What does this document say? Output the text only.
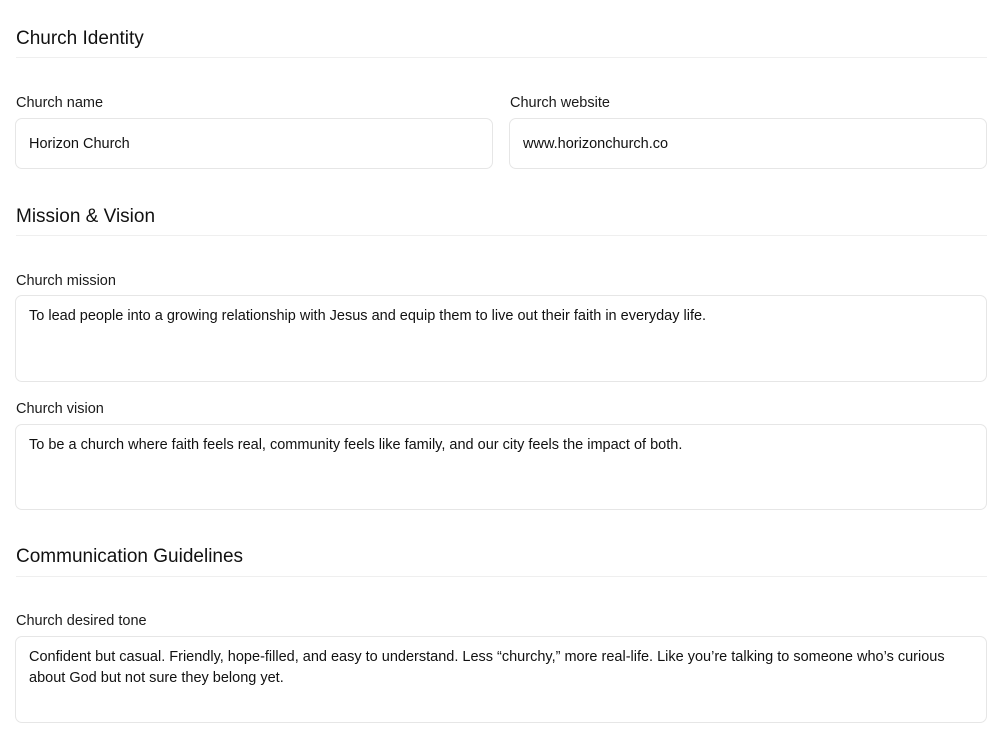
Church Identity
Church name
Horizon Church	Church website
www.horizonchurch.co
Mission & Vision
Church mission
To lead people into a growing relationship with Jesus and equip them to live out their faith in everyday life.
Church vision
To be a church where faith feels real, community feels like family, and our city feels the impact of both.
Communication Guidelines
Church desired tone
Confident but casual. Friendly, hope-filled, and easy to understand. Less “churchy,” more real-life. Like you’re talking to someone who’s curious about God but not sure they belong yet.
